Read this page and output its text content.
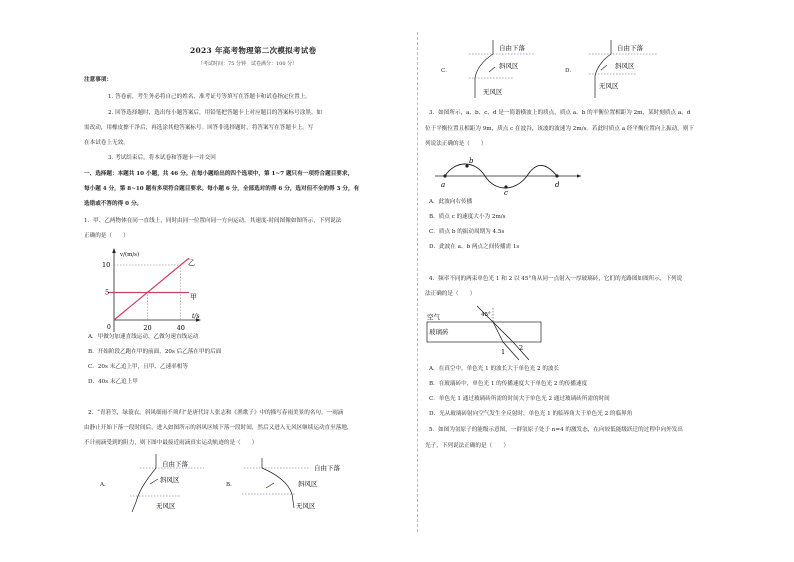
2023 年高考物理第二次模拟考试卷
（考试时间：75 分钟　试卷满分：100 分）
注意事项：
1. 答卷前，考生务必将自己的姓名、准考证号等填写在答题卡和试卷指定位置上。
2. 回答选择题时，选出每小题答案后，用铅笔把答题卡上对应题目的答案标号涂黑。如
需改动，用橡皮擦干净后，再选涂其他答案标号。回答非选择题时，将答案写在答题卡上。写
在本试卷上无效。
3. 考试结束后，将本试卷和答题卡一并交回
一、选择题：本题共 10 小题，共 46 分。在每小题给出的四个选项中，第 1~7 题只有一项符合题目要求，
每小题 4 分，第 8~10 题有多项符合题目要求。每小题 6 分，全部选对的得 6 分，选对但不全的得 3 分，有
选错或不答的得 0 分。
1．甲、乙两物体在同一直线上，同时由同一位置向同一方向运动，其速度-时间图像如图所示，下列说法
正确的是（　　）
v/(m/s)
t/s
10
5
0	20	40
乙
甲
A．甲做匀加速直线运动，乙做匀速直线运动
B．开始阶段乙跑在甲的前面，20s 后乙落在甲的后面
C．20s 末乙追上甲，且甲、乙速率相等
D．40s 末乙追上甲
2．“青箬笠，绿蓑衣，斜风细雨不须归”是唐代诗人张志和《渔歌子》中的描写春雨美景的名句。一雨滴
由静止开始下落一段时间后，进入如图所示的斜风区域下落一段时间，然后又进入无风区继续运动直至落地，
不计雨滴受到的阻力，则下图中最接近雨滴真实运动轨迹的是（　　）
A．
自由下落
斜风区
无风区
B．
自由下落
斜风区
无风区
C．
自由下落
斜风区
无风区
D．
自由下落
斜风区
无风区
3．如图所示，a、b、c、d 是一简谐横波上的质点，质点 a、b 的平衡位置相距为 2m，某时刻质点 a、d
位于平衡位置且相距为 9m，质点 c 在波谷，该波的波速为 2m/s。若此时质点 a 经平衡位置向上振动，则下
列说法正确的是（　　）
a
b
c
d
A．此波向右传播
B．质点 c 的速度大小为 2m/s
C．质点 b 的振动周期为 4.5s
D．此波在 a、b 两点之间传播需 1s
4．频率不同的两束单色光 1 和 2 以 45°角从同一点射入一厚玻璃砖，它们的光路图如图所示，下列说
法正确的是（　　）
空气
玻璃砖
45°
1 2
A．在真空中，单色光 1 的波长大于单色光 2 的波长
B．在玻璃砖中，单色光 1 的传播速度大于单色光 2 的传播速度
C．单色光 1 通过玻璃砖所需的时间大于单色光 2 通过玻璃砖所需的时间
D．光从玻璃砖射向空气发生全反射时，单色光 1 的临界角大于单色光 2 的临界角
5．如图为氢原子的能级示意图，一群氢原子处于 n=4 的激发态，在向较低能级跃迁的过程中向外发出
光子，下列说法正确的是（　　）
